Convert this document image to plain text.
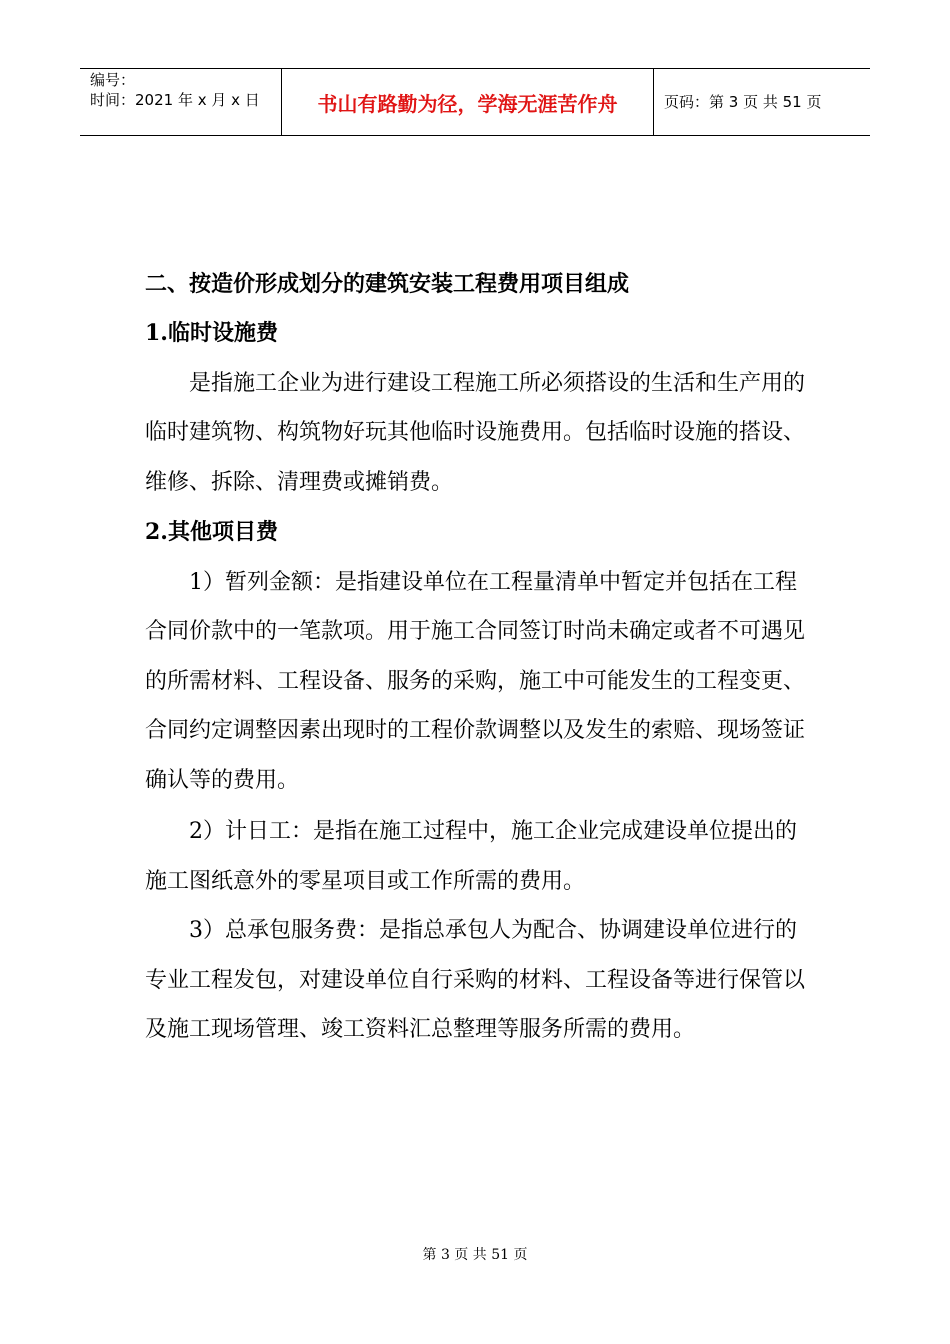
编号：
时间：2021 年 x 月 x 日	书山有路勤为径，学海无涯苦作舟	页码：第 3 页 共 51 页
二、按造价形成划分的建筑安装工程费用项目组成
1.临时设施费
是指施工企业为进行建设工程施工所必须搭设的生活和生产用的临时建筑物、构筑物好玩其他临时设施费用。包括临时设施的搭设、维修、拆除、清理费或摊销费。
2.其他项目费
1）暂列金额：是指建设单位在工程量清单中暂定并包括在工程合同价款中的一笔款项。用于施工合同签订时尚未确定或者不可遇见的所需材料、工程设备、服务的采购，施工中可能发生的工程变更、合同约定调整因素出现时的工程价款调整以及发生的索赔、现场签证确认等的费用。
2）计日工：是指在施工过程中，施工企业完成建设单位提出的施工图纸意外的零星项目或工作所需的费用。
3）总承包服务费：是指总承包人为配合、协调建设单位进行的专业工程发包，对建设单位自行采购的材料、工程设备等进行保管以及施工现场管理、竣工资料汇总整理等服务所需的费用。
第 3 页 共 51 页
